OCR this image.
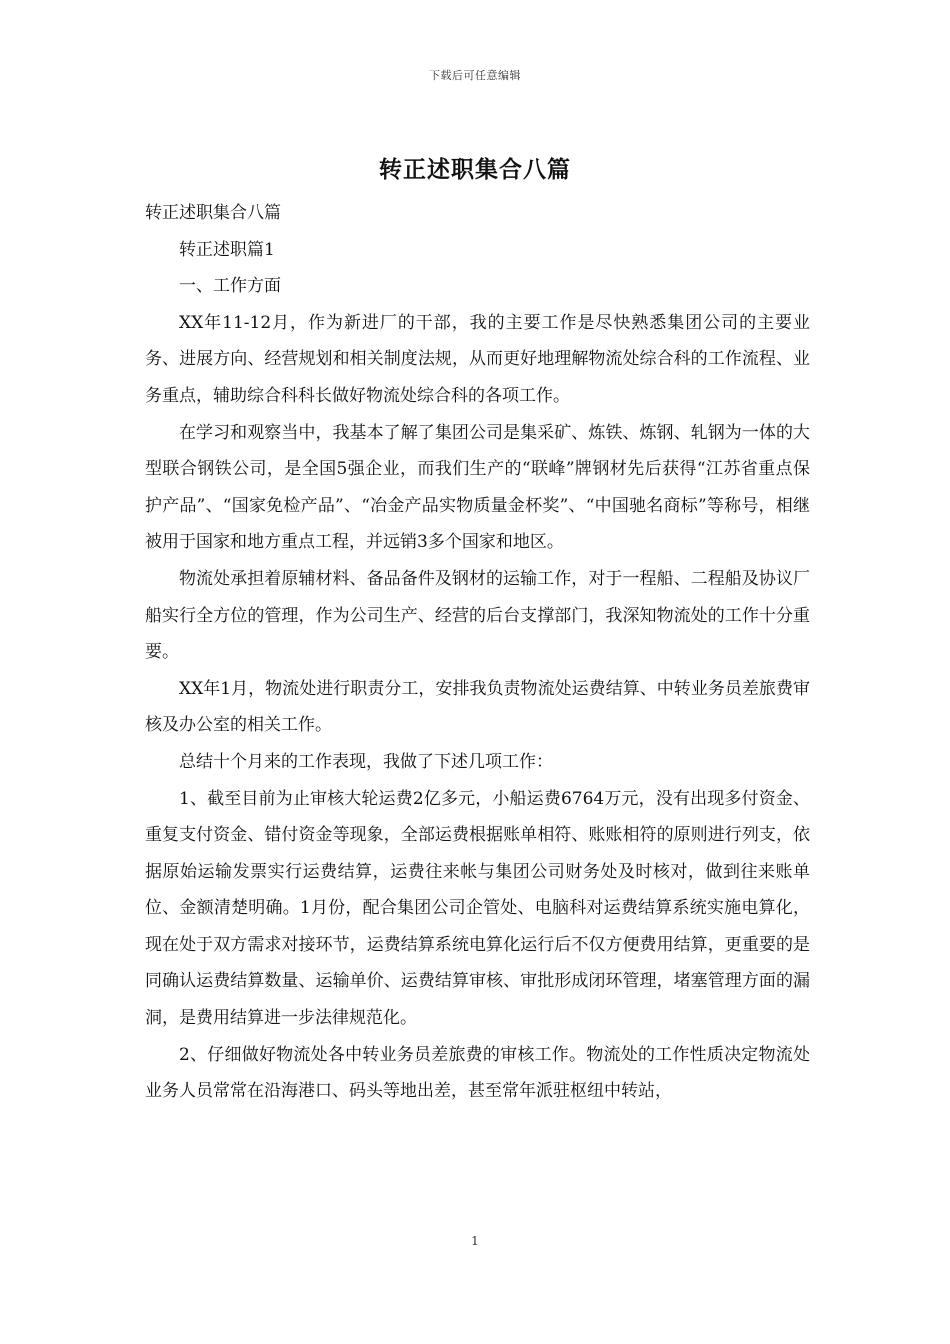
下载后可任意编辑
转正述职集合八篇

转正述职集合八篇

转正述职篇1

一、工作方面

XX年11-12月，作为新进厂的干部，我的主要工作是尽快熟悉集团公司的主要业务、进展方向、经营规划和相关制度法规，从而更好地理解物流处综合科的工作流程、业务重点，辅助综合科科长做好物流处综合科的各项工作。

在学习和观察当中，我基本了解了集团公司是集采矿、炼铁、炼钢、轧钢为一体的大型联合钢铁公司，是全国5强企业，而我们生产的“联峰”牌钢材先后获得“江苏省重点保护产品”、“国家免检产品”、“冶金产品实物质量金杯奖”、“中国驰名商标”等称号，相继被用于国家和地方重点工程，并远销3多个国家和地区。

物流处承担着原辅材料、备品备件及钢材的运输工作，对于一程船、二程船及协议厂船实行全方位的管理，作为公司生产、经营的后台支撑部门，我深知物流处的工作十分重要。

XX年1月，物流处进行职责分工，安排我负责物流处运费结算、中转业务员差旅费审核及办公室的相关工作。

总结十个月来的工作表现，我做了下述几项工作：

1、截至目前为止审核大轮运费2亿多元，小船运费6764万元，没有出现多付资金、重复支付资金、错付资金等现象，全部运费根据账单相符、账账相符的原则进行列支，依据原始运输发票实行运费结算，运费往来帐与集团公司财务处及时核对，做到往来账单位、金额清楚明确。1月份，配合集团公司企管处、电脑科对运费结算系统实施电算化，现在处于双方需求对接环节，运费结算系统电算化运行后不仅方便费用结算，更重要的是同确认运费结算数量、运输单价、运费结算审核、审批形成闭环管理，堵塞管理方面的漏洞，是费用结算进一步法律规范化。

2、仔细做好物流处各中转业务员差旅费的审核工作。物流处的工作性质决定物流处业务人员常常在沿海港口、码头等地出差，甚至常年派驻枢纽中转站，

1
